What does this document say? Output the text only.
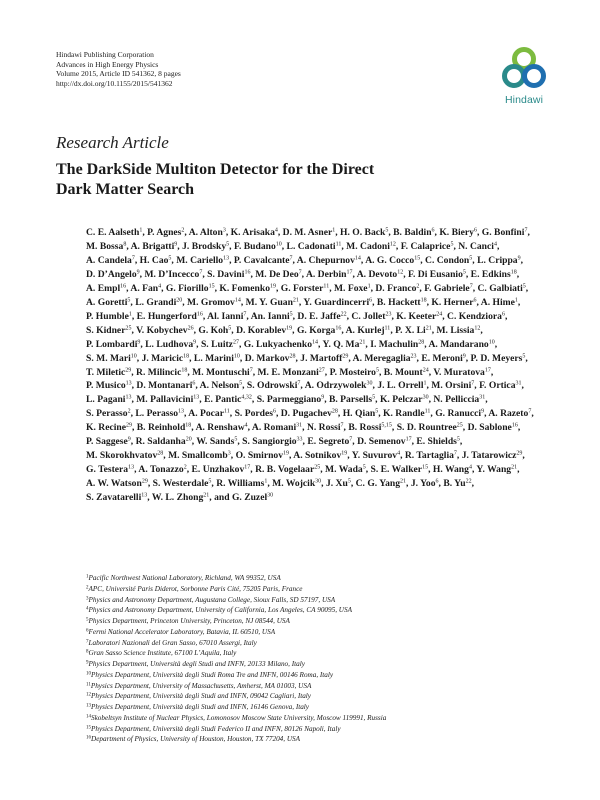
Hindawi Publishing Corporation
Advances in High Energy Physics
Volume 2015, Article ID 541362, 8 pages
http://dx.doi.org/10.1155/2015/541362
Hindawi
Research Article
The DarkSide Multiton Detector for the Direct
Dark Matter Search

C. E. Aalseth$^1$, P. Agnes$^2$, A. Alton$^3$, K. Arisaka$^4$, D. M. Asner$^1$, H. O. Back$^5$, B. Baldin$^6$, K. Biery$^6$, G. Bonfini$^7$, M. Bossa$^8$, A. Brigatti$^9$, J. Brodsky$^5$, F. Budano$^{10}$, L. Cadonati$^{11}$, M. Cadoni$^{12}$, F. Calaprice$^5$, N. Canci$^4$, A. Candela$^7$, H. Cao$^5$, M. Cariello$^{13}$, P. Cavalcante$^7$, A. Chepurnov$^{14}$, A. G. Cocco$^{15}$, C. Condon$^5$, L. Crippa$^9$, D. D’Angelo$^9$, M. D’Incecco$^7$, S. Davini$^{16}$, M. De Deo$^7$, A. Derbin$^{17}$, A. Devoto$^{12}$, F. Di Eusanio$^5$, E. Edkins$^{18}$, A. Empl$^{16}$, A. Fan$^4$, G. Fiorillo$^{15}$, K. Fomenko$^{19}$, G. Forster$^{11}$, M. Foxe$^1$, D. Franco$^2$, F. Gabriele$^7$, C. Galbiati$^5$, A. Goretti$^5$, L. Grandi$^{20}$, M. Gromov$^{14}$, M. Y. Guan$^{21}$, Y. Guardincerri$^6$, B. Hackett$^{18}$, K. Herner$^6$, A. Hime$^1$, P. Humble$^1$, E. Hungerford$^{16}$, Al. Ianni$^7$, An. Ianni$^5$, D. E. Jaffe$^{22}$, C. Jollet$^{23}$, K. Keeter$^{24}$, C. Kendziora$^6$, S. Kidner$^{25}$, V. Kobychev$^{26}$, G. Koh$^5$, D. Korablev$^{19}$, G. Korga$^{16}$, A. Kurlej$^{11}$, P. X. Li$^{21}$, M. Lissia$^{12}$, P. Lombardi$^9$, L. Ludhova$^9$, S. Luitz$^{27}$, G. Lukyachenko$^{14}$, Y. Q. Ma$^{21}$, I. Machulin$^{28}$, A. Mandarano$^{10}$, S. M. Mari$^{10}$, J. Maricic$^{18}$, L. Marini$^{10}$, D. Markov$^{28}$, J. Martoff$^{29}$, A. Meregaglia$^{23}$, E. Meroni$^9$, P. D. Meyers$^5$, T. Miletic$^{29}$, R. Milincic$^{18}$, M. Montuschi$^7$, M. E. Monzani$^{27}$, P. Mosteiro$^5$, B. Mount$^{24}$, V. Muratova$^{17}$, P. Musico$^{13}$, D. Montanari$^6$, A. Nelson$^5$, S. Odrowski$^7$, A. Odrzywolek$^{30}$, J. L. Orrell$^1$, M. Orsini$^7$, F. Ortica$^{31}$, L. Pagani$^{13}$, M. Pallavicini$^{13}$, E. Pantic$^{4,32}$, S. Parmeggiano$^9$, B. Parsells$^5$, K. Pelczar$^{30}$, N. Pelliccia$^{31}$, S. Perasso$^2$, L. Perasso$^{13}$, A. Pocar$^{11}$, S. Pordes$^6$, D. Pugachev$^{28}$, H. Qian$^5$, K. Randle$^{11}$, G. Ranucci$^9$, A. Razeto$^7$, K. Recine$^{29}$, B. Reinhold$^{18}$, A. Renshaw$^4$, A. Romani$^{31}$, N. Rossi$^7$, B. Rossi$^{5,15}$, S. D. Rountree$^{25}$, D. Sablone$^{16}$, P. Saggese$^9$, R. Saldanha$^{20}$, W. Sands$^5$, S. Sangiorgio$^{33}$, E. Segreto$^7$, D. Semenov$^{17}$, E. Shields$^5$, M. Skorokhvatov$^{28}$, M. Smallcomb$^3$, O. Smirnov$^{19}$, A. Sotnikov$^{19}$, Y. Suvurov$^4$, R. Tartaglia$^7$, J. Tatarowicz$^{29}$, G. Testera$^{13}$, A. Tonazzo$^2$, E. Unzhakov$^{17}$, R. B. Vogelaar$^{25}$, M. Wada$^5$, S. E. Walker$^{15}$, H. Wang$^4$, Y. Wang$^{21}$, A. W. Watson$^{29}$, S. Westerdale$^5$, R. Williams$^1$, M. Wojcik$^{30}$, J. Xu$^5$, C. G. Yang$^{21}$, J. Yoo$^6$, B. Yu$^{22}$, S. Zavatarelli$^{13}$, W. L. Zhong$^{21}$, and G. Zuzel$^{30}$

$^1$Pacific Northwest National Laboratory, Richland, WA 99352, USA
$^2$APC, Université Paris Diderot, Sorbonne Paris Cité, 75205 Paris, France
$^3$Physics and Astronomy Department, Augustana College, Sioux Falls, SD 57197, USA
$^4$Physics and Astronomy Department, University of California, Los Angeles, CA 90095, USA
$^5$Physics Department, Princeton University, Princeton, NJ 08544, USA
$^6$Fermi National Accelerator Laboratory, Batavia, IL 60510, USA
$^7$Laboratori Nazionali del Gran Sasso, 67010 Assergi, Italy
$^8$Gran Sasso Science Institute, 67100 L’Aquila, Italy
$^9$Physics Department, Università degli Studi and INFN, 20133 Milano, Italy
$^{10}$Physics Department, Università degli Studi Roma Tre and INFN, 00146 Roma, Italy
$^{11}$Physics Department, University of Massachusetts, Amherst, MA 01003, USA
$^{12}$Physics Department, Università degli Studi and INFN, 09042 Cagliari, Italy
$^{13}$Physics Department, Università degli Studi and INFN, 16146 Genova, Italy
$^{14}$Skobeltsyn Institute of Nuclear Physics, Lomonosov Moscow State University, Moscow 119991, Russia
$^{15}$Physics Department, Università degli Studi Federico II and INFN, 80126 Napoli, Italy
$^{16}$Department of Physics, University of Houston, Houston, TX 77204, USA
